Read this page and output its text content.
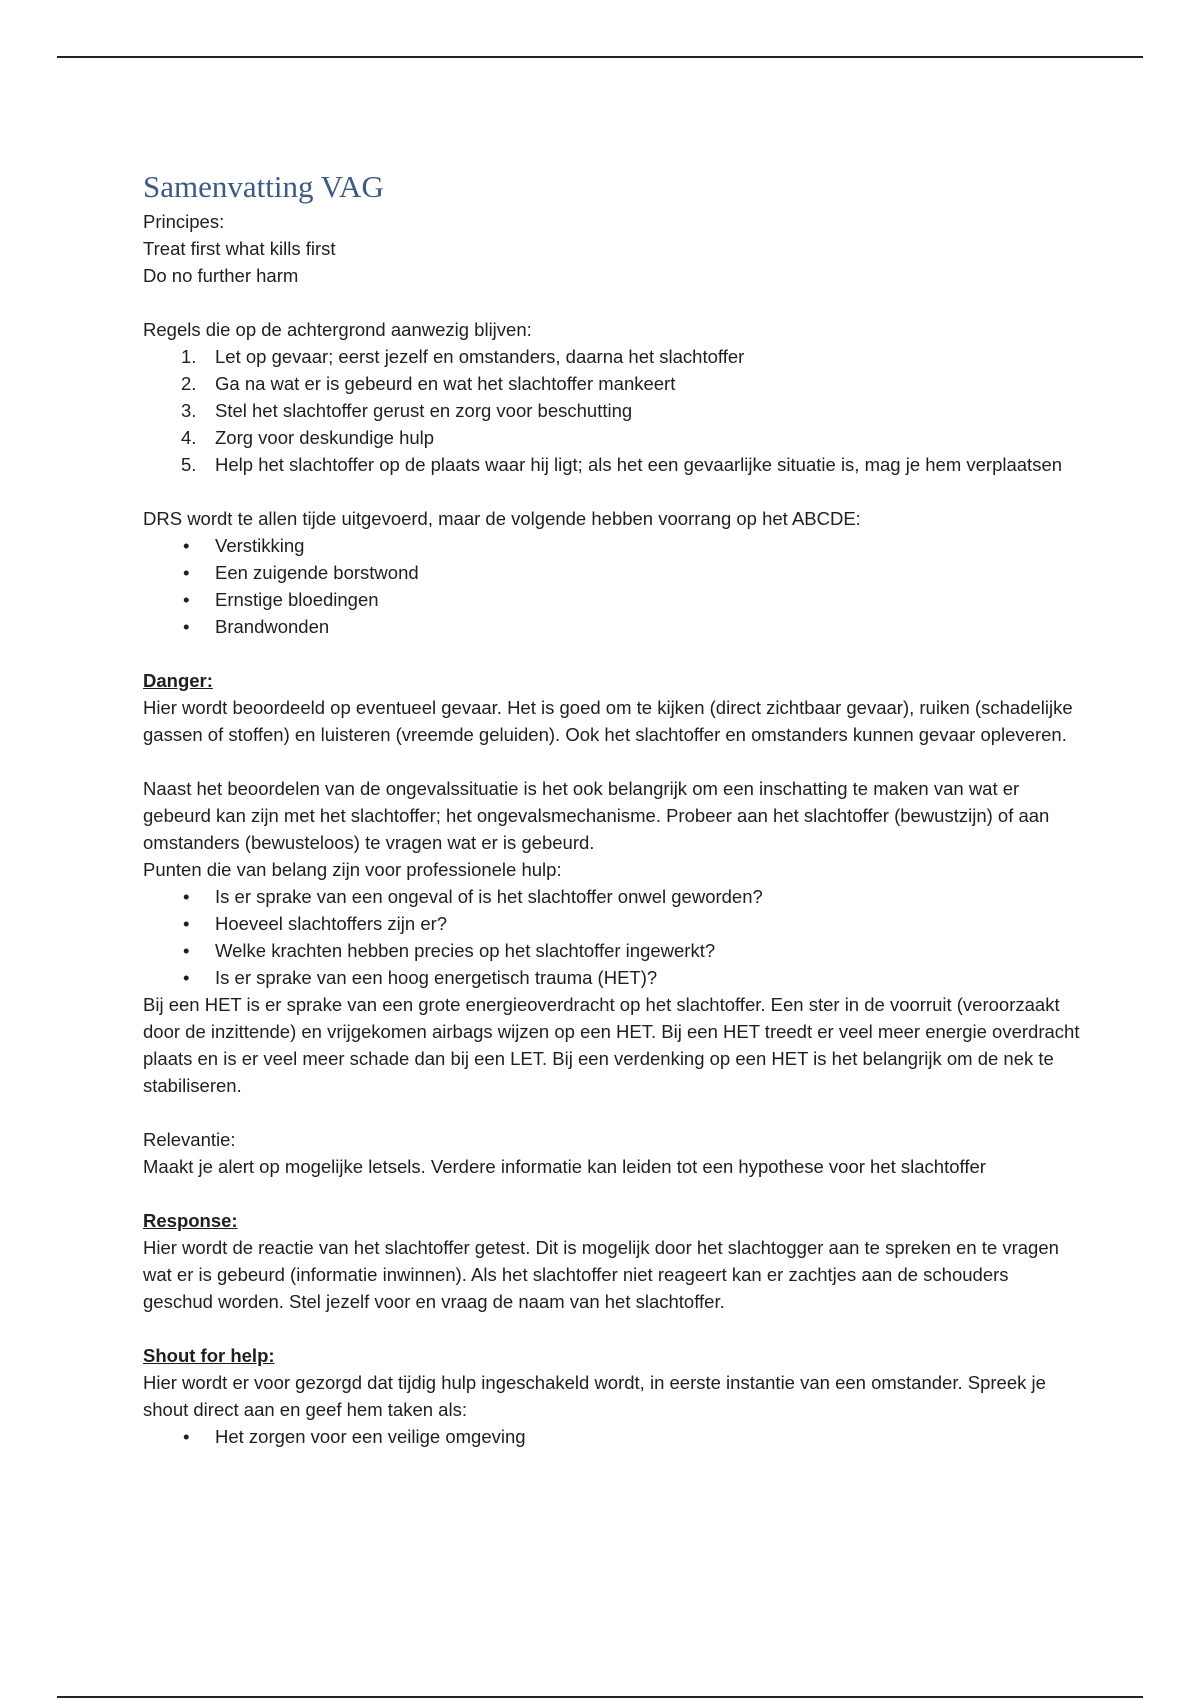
Samenvatting VAG

Principes:

Treat first what kills first

Do no further harm

Regels die op de achtergrond aanwezig blijven:

1.	Let op gevaar; eerst jezelf en omstanders, daarna het slachtoffer
2.	Ga na wat er is gebeurd en wat het slachtoffer mankeert
3.	Stel het slachtoffer gerust en zorg voor beschutting
4.	Zorg voor deskundige hulp
5.	Help het slachtoffer op de plaats waar hij ligt; als het een gevaarlijke situatie is, mag je hem verplaatsen

DRS wordt te allen tijde uitgevoerd, maar de volgende hebben voorrang op het ABCDE:

• Verstikking
• Een zuigende borstwond
• Ernstige bloedingen
• Brandwonden

Danger:

Hier wordt beoordeeld op eventueel gevaar. Het is goed om te kijken (direct zichtbaar gevaar), ruiken (schadelijke gassen of stoffen) en luisteren (vreemde geluiden). Ook het slachtoffer en omstanders kunnen gevaar opleveren.

Naast het beoordelen van de ongevalssituatie is het ook belangrijk om een inschatting te maken van wat er gebeurd kan zijn met het slachtoffer; het ongevalsmechanisme. Probeer aan het slachtoffer (bewustzijn) of aan omstanders (bewusteloos) te vragen wat er is gebeurd.

Punten die van belang zijn voor professionele hulp:

• Is er sprake van een ongeval of is het slachtoffer onwel geworden?
• Hoeveel slachtoffers zijn er?
• Welke krachten hebben precies op het slachtoffer ingewerkt?
• Is er sprake van een hoog energetisch trauma (HET)?

Bij een HET is er sprake van een grote energieoverdracht op het slachtoffer. Een ster in de voorruit (veroorzaakt door de inzittende) en vrijgekomen airbags wijzen op een HET. Bij een HET treedt er veel meer energie overdracht plaats en is er veel meer schade dan bij een LET. Bij een verdenking op een HET is het belangrijk om de nek te stabiliseren.

Relevantie:

Maakt je alert op mogelijke letsels. Verdere informatie kan leiden tot een hypothese voor het slachtoffer

Response:

Hier wordt de reactie van het slachtoffer getest. Dit is mogelijk door het slachtogger aan te spreken en te vragen wat er is gebeurd (informatie inwinnen). Als het slachtoffer niet reageert kan er zachtjes aan de schouders geschud worden. Stel jezelf voor en vraag de naam van het slachtoffer.

Shout for help:

Hier wordt er voor gezorgd dat tijdig hulp ingeschakeld wordt, in eerste instantie van een omstander. Spreek je shout direct aan en geef hem taken als:

• Het zorgen voor een veilige omgeving
